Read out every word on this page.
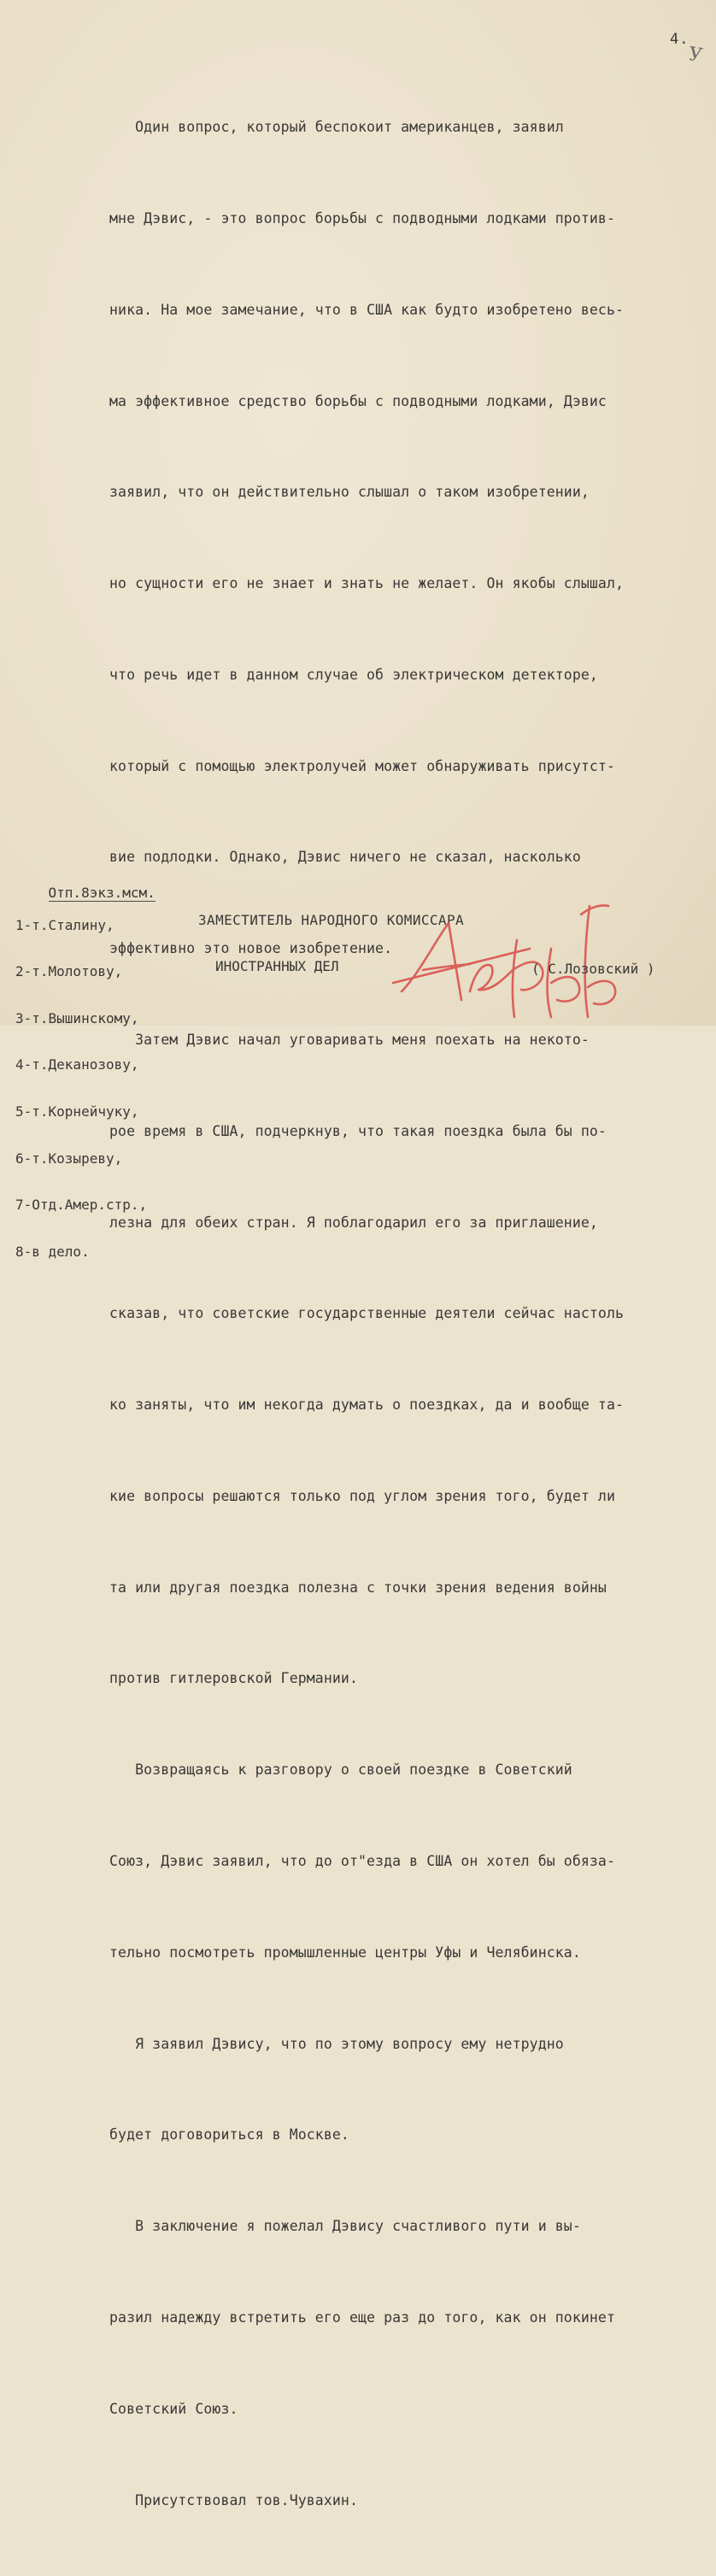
4.
У

Один вопрос, который беспокоит американцев, заявил

мне Дэвис, - это вопрос борьбы с подводными лодками против-

ника. На мое замечание, что в США как будто изобретено весь-

ма эффективное средство борьбы с подводными лодками, Дэвис

заявил, что он действительно слышал о таком изобретении,

но сущности его не знает и знать не желает. Он якобы слышал,

что речь идет в данном случае об электрическом детекторе,

который с помощью электролучей может обнаруживать присутст-

вие подлодки. Однако, Дэвис ничего не сказал, насколько

эффективно это новое изобретение.

Затем Дэвис начал уговаривать меня поехать на некото-

рое время в США, подчеркнув, что такая поездка была бы по-

лезна для обеих стран. Я поблагодарил его за приглашение,

сказав, что советские государственные деятели сейчас настоль

ко заняты, что им некогда думать о поездках, да и вообще та-

кие вопросы решаются только под углом зрения того, будет ли

та или другая поездка полезна с точки зрения ведения войны

против гитлеровской Германии.

Возвращаясь к разговору о своей поездке в Советский

Союз, Дэвис заявил, что до от"езда в США он хотел бы обяза-

тельно посмотреть промышленные центры Уфы и Челябинска.

Я заявил Дэвису, что по этому вопросу ему нетрудно

будет договориться в Москве.

В заключение я пожелал Дэвису счастливого пути и вы-

разил надежду встретить его еще раз до того, как он покинет

Советский Союз.

Присутствовал тов.Чувахин.

Отп.8экз.мсм.

1-т.Сталину,

2-т.Молотову,

3-т.Вышинскому,

4-т.Деканозову,

5-т.Корнейчуку,

6-т.Козыреву,

7-Отд.Амер.стр.,

8-в дело.

ЗАМЕСТИТЕЛЬ НАРОДНОГО КОМИССАРА

ИНОСТРАННЫХ ДЕЛ

	( С.Лозовский )
